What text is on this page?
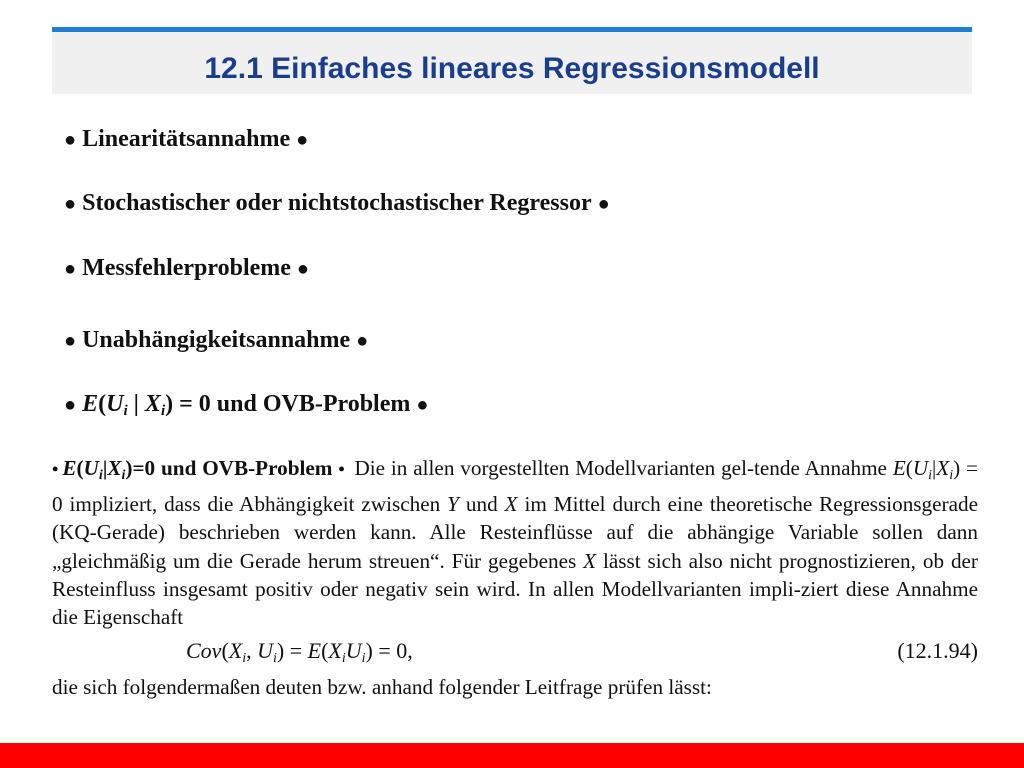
12.1 Einfaches lineares Regressionsmodell
● Linearitätsannahme ●
● Stochastischer oder nichtstochastischer Regressor ●
● Messfehlerprobleme ●
● Unabhängigkeitsannahme ●
● $E(U_i$ | $X_i) = 0$ und OVB-Problem ●

• $E(U_i|X_i)=0$ und OVB-Problem • Die in allen vorgestellten Modellvarianten gel-tende Annahme $E(U_i|X_i) = 0$ impliziert, dass die Abhängigkeit zwischen Y und X im Mittel durch eine theoretische Regressionsgerade (KQ-Gerade) beschrieben werden kann. Alle Resteinflüsse auf die abhängige Variable sollen dann „gleichmäßig um die Gerade herum streuen“. Für gegebenes X lässt sich also nicht prognostizieren, ob der Resteinfluss insgesamt positiv oder negativ sein wird. In allen Modellvarianten impli-ziert diese Annahme die Eigenschaft

$Cov(X_i$, $U_i) = E(X_iU_i) = 0$,	(12.1.94)

die sich folgendermaßen deuten bzw. anhand folgender Leitfrage prüfen lässt:
